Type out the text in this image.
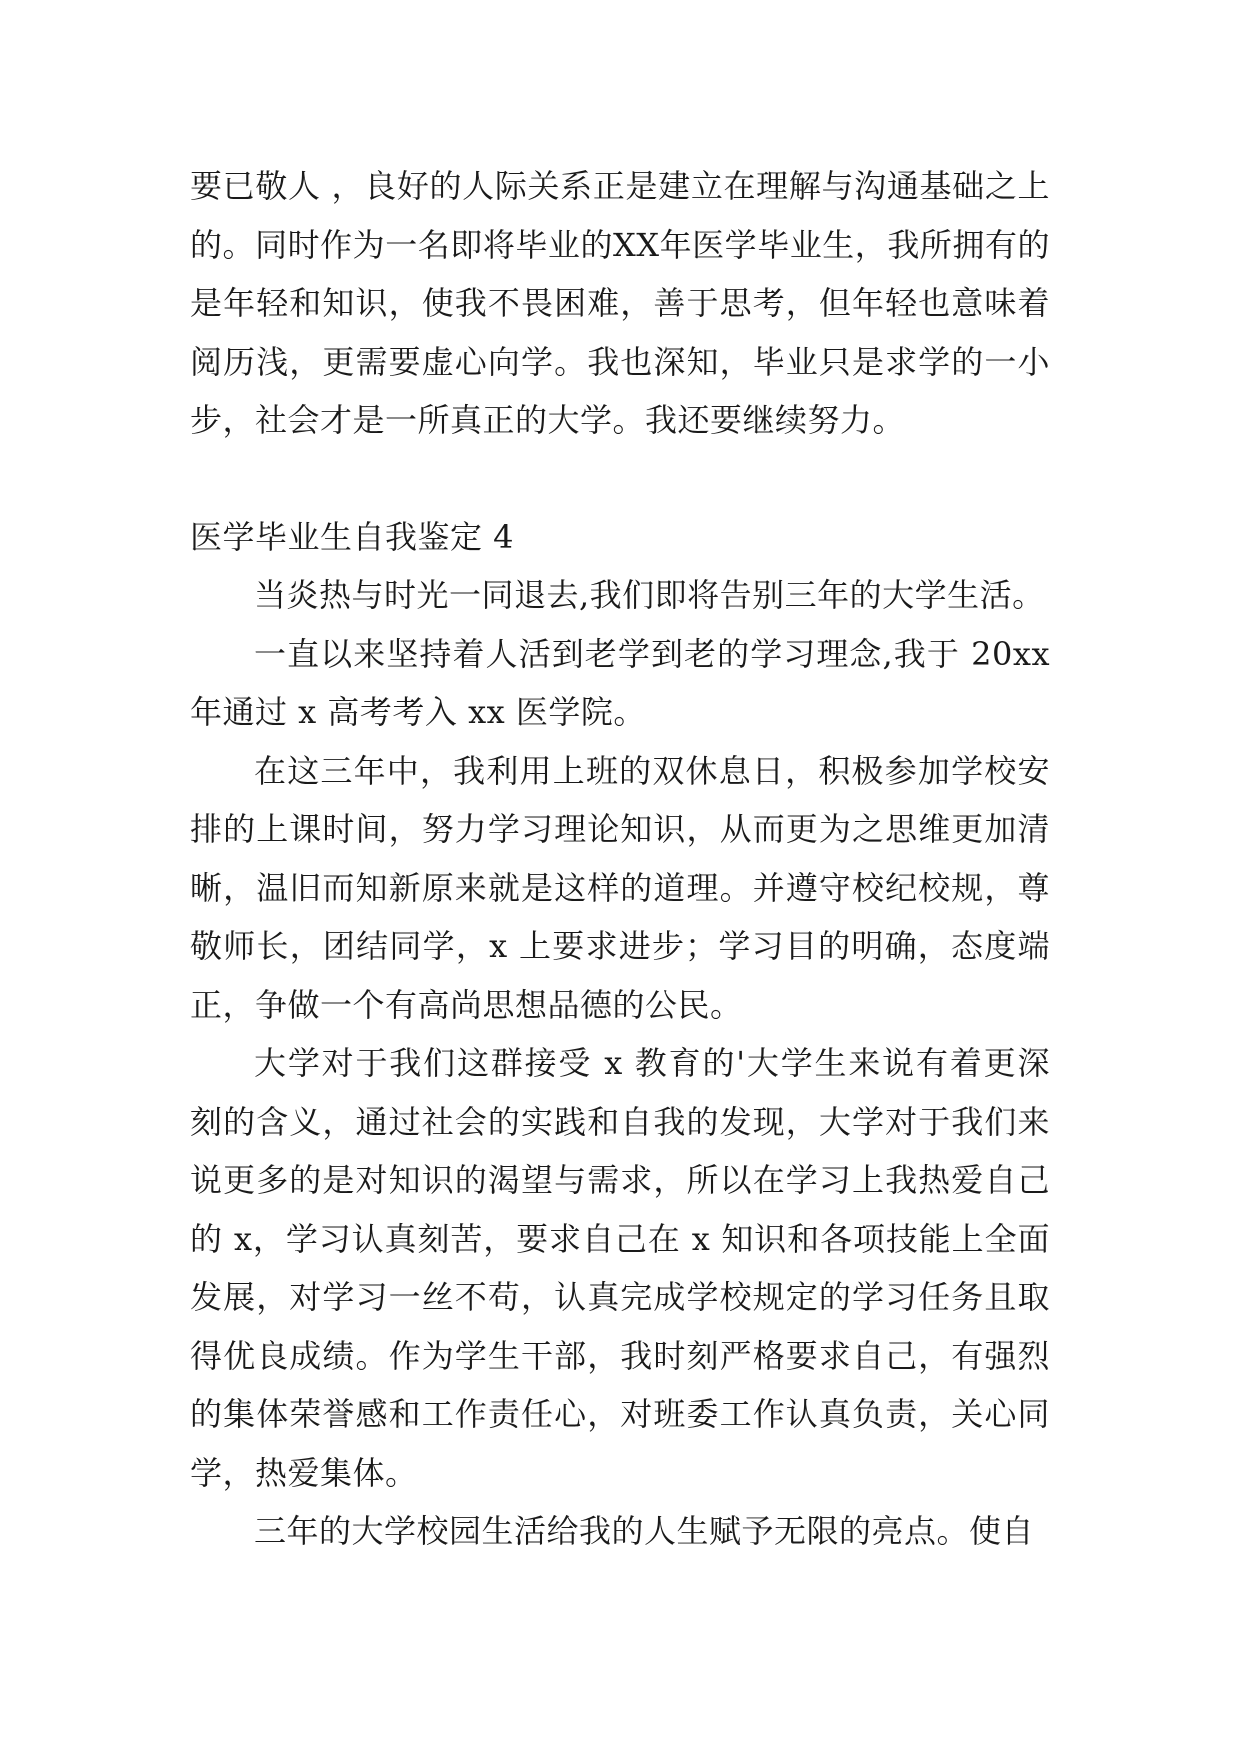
要已敬人 ，良好的人际关系正是建立在理解与沟通基础之上的。同时作为一名即将毕业的XX年医学毕业生，我所拥有的是年轻和知识，使我不畏困难，善于思考，但年轻也意味着阅历浅，更需要虚心向学。我也深知，毕业只是求学的一小步，社会才是一所真正的大学。我还要继续努力。

医学毕业生自我鉴定 4

当炎热与时光一同退去,我们即将告别三年的大学生活。

一直以来坚持着人活到老学到老的学习理念,我于 20xx 年通过 x 高考考入 xx 医学院。

在这三年中，我利用上班的双休息日，积极参加学校安排的上课时间，努力学习理论知识，从而更为之思维更加清晰，温旧而知新原来就是这样的道理。并遵守校纪校规，尊敬师长，团结同学，x 上要求进步；学习目的明确，态度端正，争做一个有高尚思想品德的公民。

大学对于我们这群接受 x 教育的'大学生来说有着更深刻的含义，通过社会的实践和自我的发现，大学对于我们来说更多的是对知识的渴望与需求，所以在学习上我热爱自己的 x，学习认真刻苦，要求自己在 x 知识和各项技能上全面发展，对学习一丝不苟，认真完成学校规定的学习任务且取得优良成绩。作为学生干部，我时刻严格要求自己，有强烈的集体荣誉感和工作责任心，对班委工作认真负责，关心同学，热爱集体。

三年的大学校园生活给我的人生赋予无限的亮点。使自
